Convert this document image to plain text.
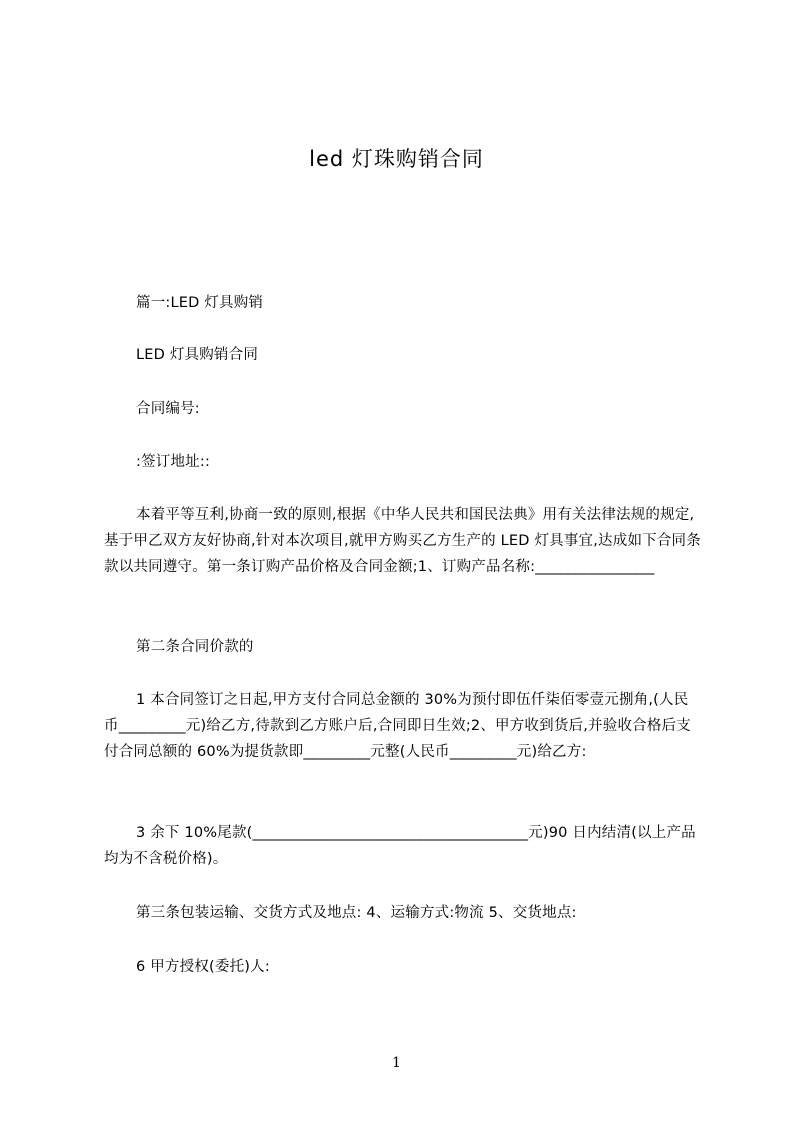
led 灯珠购销合同
篇一:LED 灯具购销
LED 灯具购销合同
合同编号:
:签订地址::
本着平等互利,协商一致的原则,根据《中华人民共和国民法典》用有关法律法规的规定,基于甲乙双方友好协商,针对本次项目,就甲方购买乙方生产的 LED 灯具事宜,达成如下合同条款以共同遵守。第一条订购产品价格及合同金额;1、订购产品名称:________________
第二条合同价款的
1 本合同签订之日起,甲方支付合同总金额的 30%为预付即伍仟柒佰零壹元捌角,(人民币_________元)给乙方,待款到乙方账户后,合同即日生效;2、甲方收到货后,并验收合格后支付合同总额的 60%为提货款即_________元整(人民币_________元)给乙方:
3 余下 10%尾款(_____________________________________元)90 日内结清(以上产品均为不含税价格)。
第三条包装运输、交货方式及地点: 4、运输方式:物流 5、交货地点:
6 甲方授权(委托)人:
1
